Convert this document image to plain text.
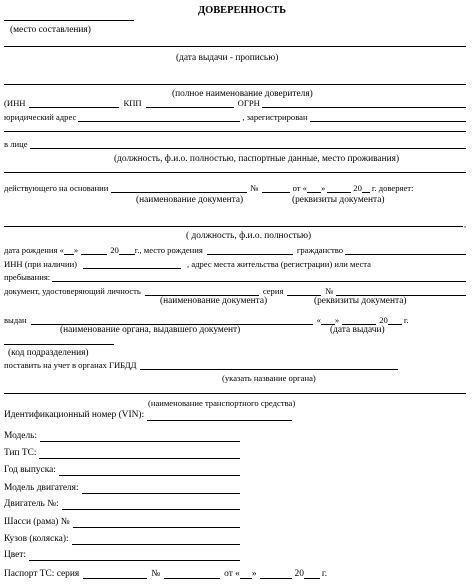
ДОВЕРЕННОСТЬ
(место составления)
(дата выдачи - прописью)
(полное наименование доверителя)
(ИНН	КПП	ОГРН
юридический адрес	, зарегистрирован
в лице
(должность, ф.и.о. полностью, паспортные данные, место проживания)
действующего на основании	№	от « »	20 г. доверяет:
(наименование документа)	(реквизиты документа)
,
( должность, ф.и.о. полностью)
дата рождения « »	20 г., место рождения	гражданство
ИНН (при наличии)	, адрес места жительства (регистрации) или места
пребывания:
документ, удостоверяющий личность	серия	№
(наименование документа)	(реквизиты документа)
выдан	« »	20 г.
(наименование органа, выдавшего документ)	(дата выдачи)
(код подразделения)
поставить на учет в органах ГИБДД
(указать название органа)
(наименование транспортного средства)
Идентификационный номер (VIN):
Модель:
Тип ТС:
Год выпуска:
Модель двигателя:
Двигатель №:
Шасси (рама) №
Кузов (коляска):
Цвет:
Паспорт ТС: серия	№	от « »	20 г.
